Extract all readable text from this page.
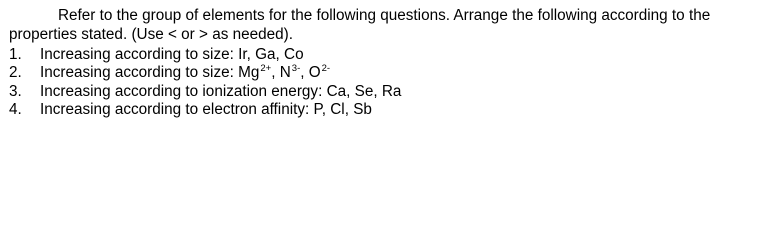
Refer to the group of elements for the following questions. Arrange the following according to the
properties stated. (Use < or > as needed).
1. Increasing according to size: Ir, Ga, Co
2. Increasing according to size: $Mg^{2+}$, $N^{3-}$, $O^{2-}$
3. Increasing according to ionization energy: Ca, Se, Ra
4. Increasing according to electron affinity: P, Cl, Sb
